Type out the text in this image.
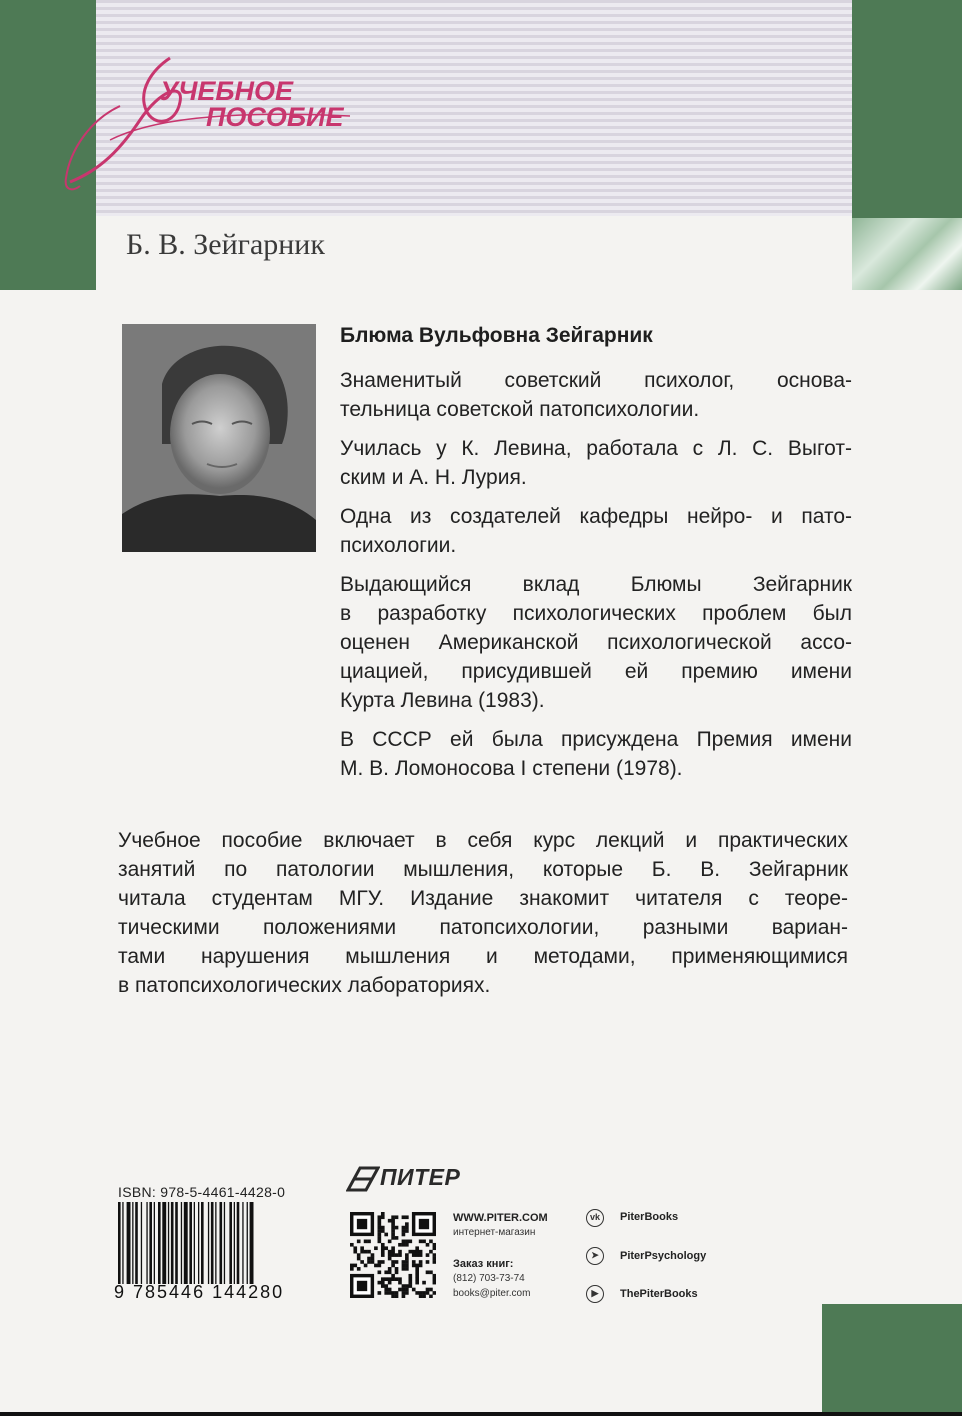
УЧЕБНОЕ
ПОСОБИЕ
Б. В. Зейгарник
Блюма Вульфовна Зейгарник

Знаменитый советский психолог, основа-
тельница советской патопсихологии.

Училась у К. Левина, работала с Л. С. Выгот-
ским и А. Н. Лурия.

Одна из создателей кафедры нейро- и пато-
психологии.

Выдающийся вклад Блюмы Зейгарник
в разработку психологических проблем был
оценен Американской психологической ассо-
циацией, присудившей ей премию имени
Курта Левина (1983).

В СССР ей была присуждена Премия имени
М. В. Ломоносова I степени (1978).

Учебное пособие включает в себя курс лекций и практических
занятий по патологии мышления, которые Б. В. Зейгарник
читала студентам МГУ. Издание знакомит читателя с теоре-
тическими положениями патопсихологии, разными вариан-
тами нарушения мышления и методами, применяющимися
в патопсихологических лабораториях.
ISBN: 978-5-4461-4428-0
9 785446 144280
ПИТЕР
WWW.PITER.COM
интернет-магазин
Заказ книг:
(812) 703-73-74
books@piter.com
vk	PiterBooks
➤	PiterPsychology
▶	ThePiterBooks
